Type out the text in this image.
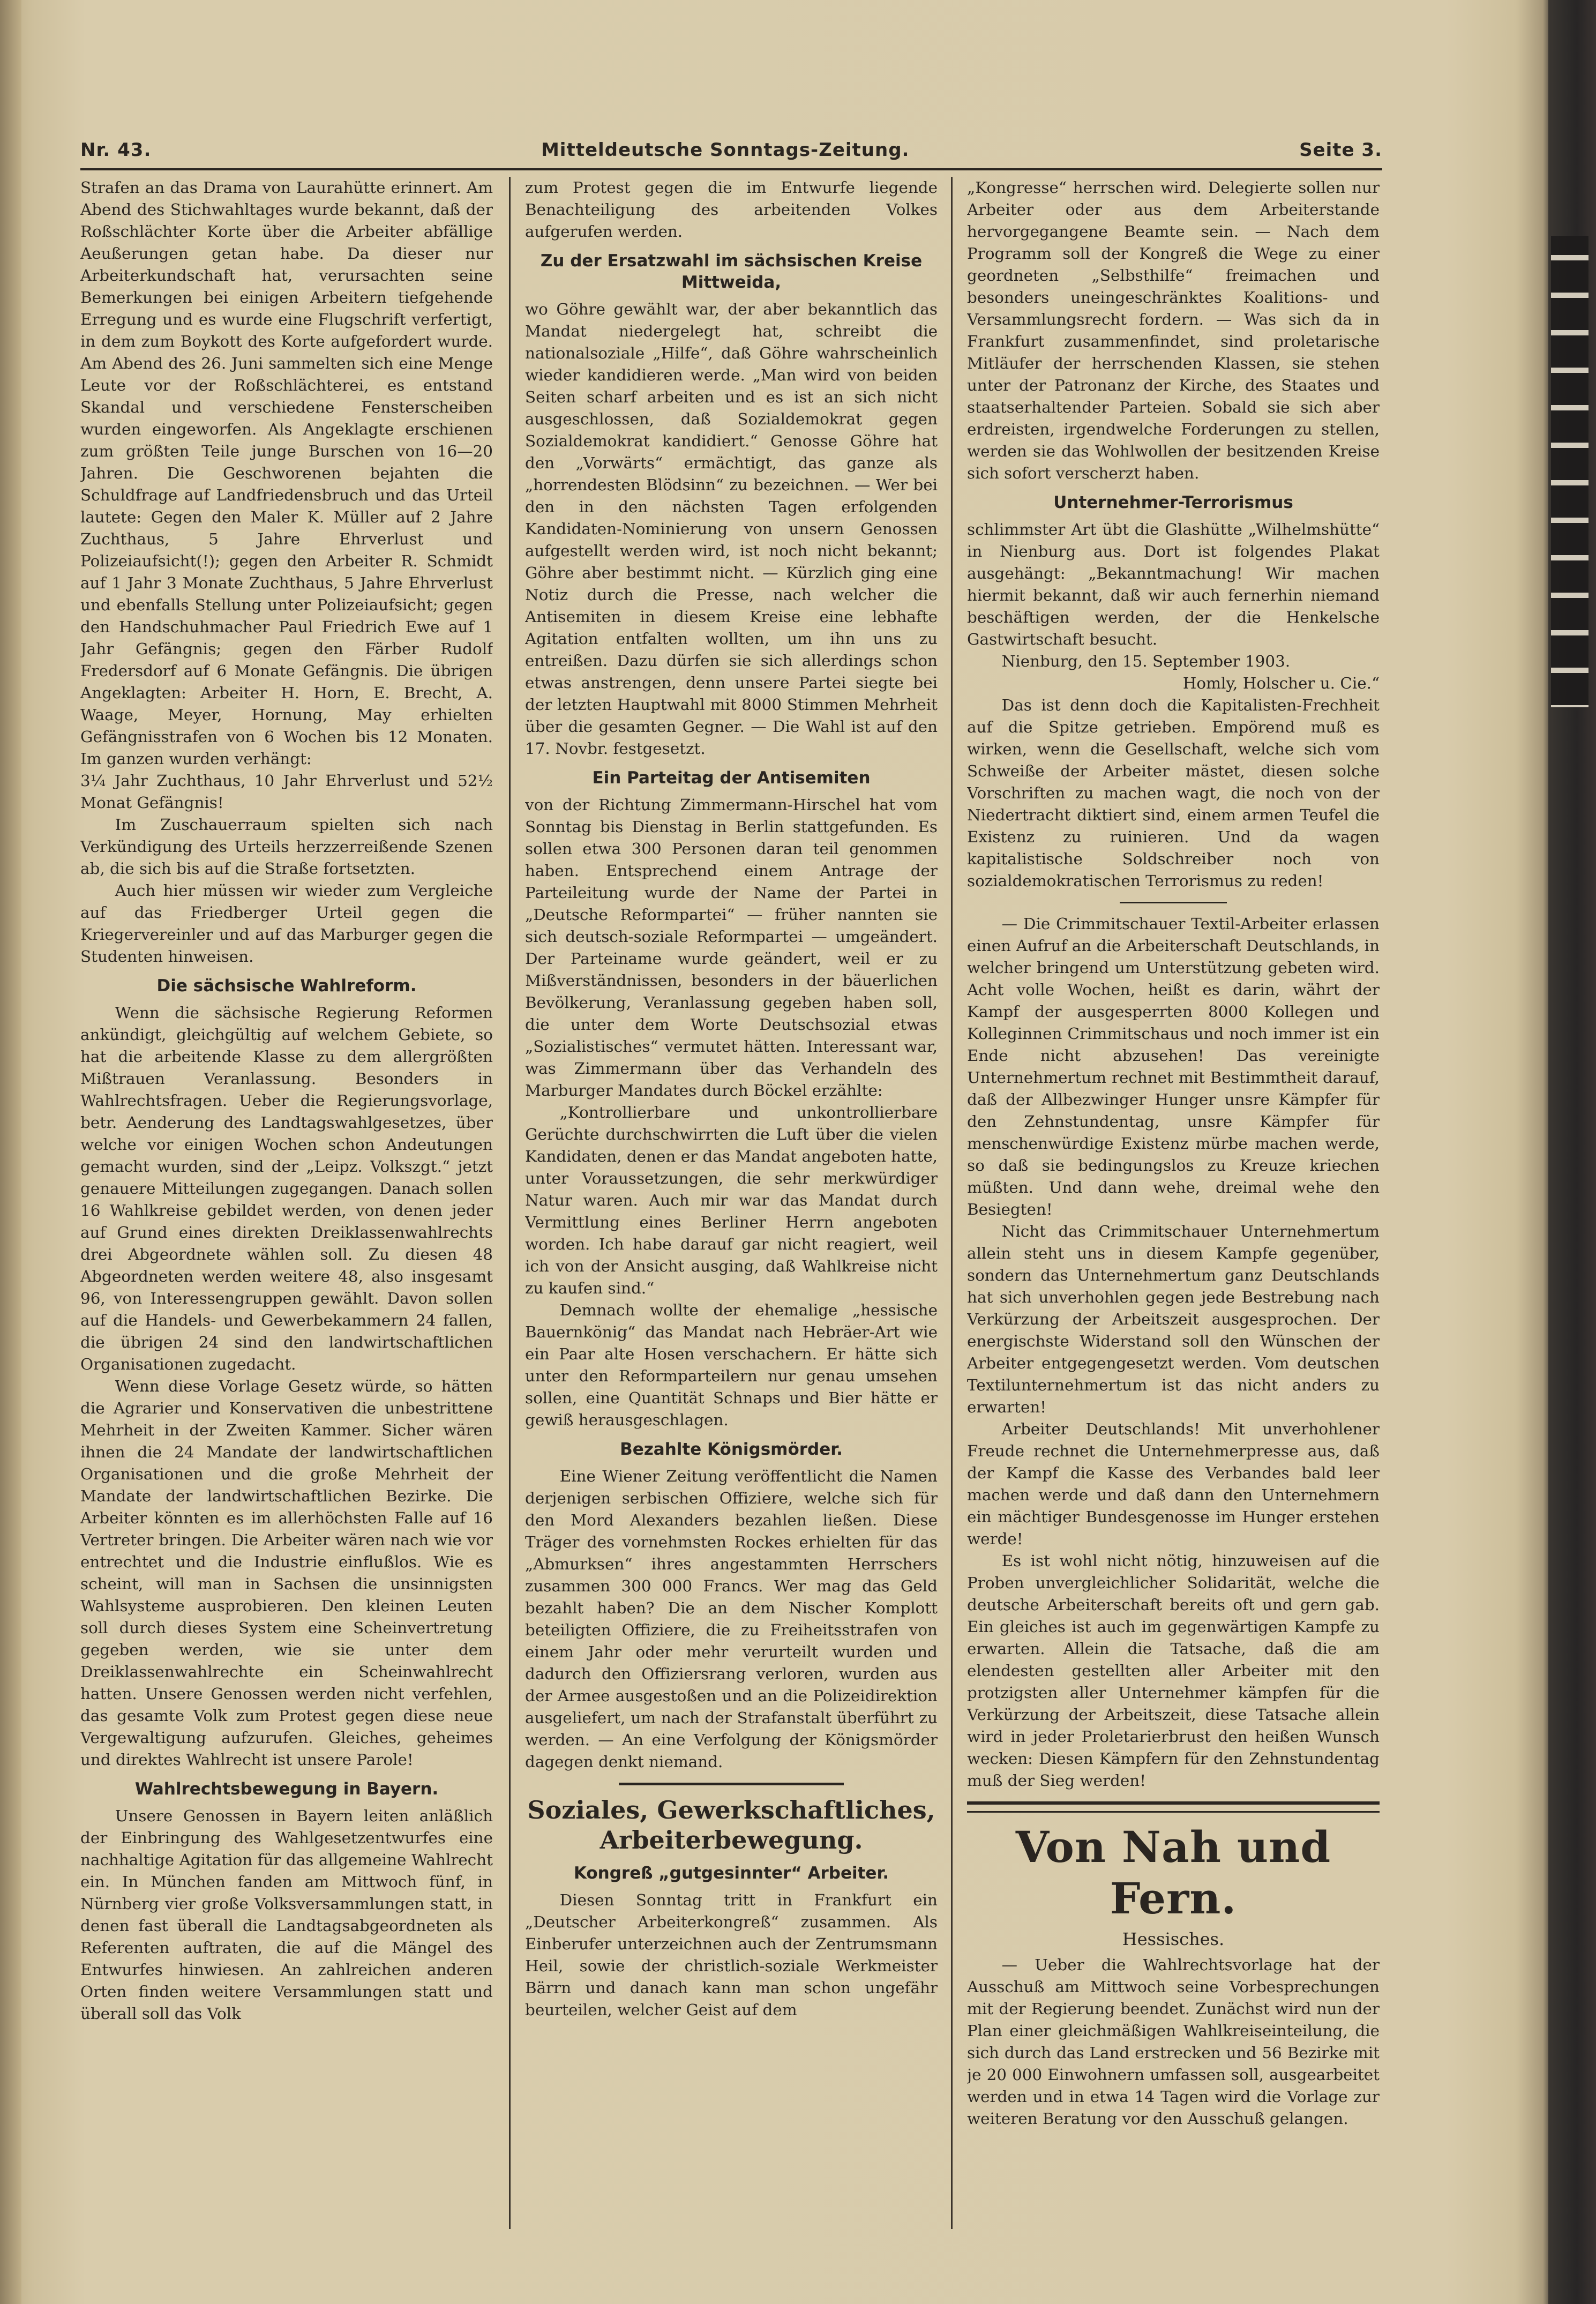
Nr. 43.	Mitteldeutsche Sonntags-Zeitung.	Seite 3.

Strafen an das Drama von Laurahütte erinnert. Am Abend des Stichwahltages wurde bekannt, daß der Roßschlächter Korte über die Arbeiter abfällige Aeußerungen getan habe. Da dieser nur Arbeiterkundschaft hat, verursachten seine Bemerkungen bei einigen Arbeitern tiefgehende Erregung und es wurde eine Flugschrift verfertigt, in dem zum Boykott des Korte aufgefordert wurde. Am Abend des 26. Juni sammelten sich eine Menge Leute vor der Roßschlächterei, es entstand Skandal und verschiedene Fensterscheiben wurden eingeworfen. Als Angeklagte erschienen zum größten Teile junge Burschen von 16—20 Jahren. Die Geschworenen bejahten die Schuldfrage auf Landfriedensbruch und das Urteil lautete: Gegen den Maler K. Müller auf 2 Jahre Zuchthaus, 5 Jahre Ehrverlust und Polizeiaufsicht(!); gegen den Arbeiter R. Schmidt auf 1 Jahr 3 Monate Zuchthaus, 5 Jahre Ehrverlust und ebenfalls Stellung unter Polizeiaufsicht; gegen den Handschuhmacher Paul Friedrich Ewe auf 1 Jahr Gefängnis; gegen den Färber Rudolf Fredersdorf auf 6 Monate Gefängnis. Die übrigen Angeklagten: Arbeiter H. Horn, E. Brecht, A. Waage, Meyer, Hornung, May erhielten Gefängnisstrafen von 6 Wochen bis 12 Monaten. Im ganzen wurden verhängt:

3¼ Jahr Zuchthaus, 10 Jahr Ehrverlust und 52½ Monat Gefängnis!

Im Zuschauerraum spielten sich nach Verkündigung des Urteils herzzerreißende Szenen ab, die sich bis auf die Straße fortsetzten.

Auch hier müssen wir wieder zum Vergleiche auf das Friedberger Urteil gegen die Kriegervereinler und auf das Marburger gegen die Studenten hinweisen.

Die sächsische Wahlreform.

Wenn die sächsische Regierung Reformen ankündigt, gleichgültig auf welchem Gebiete, so hat die arbeitende Klasse zu dem allergrößten Mißtrauen Veranlassung. Besonders in Wahlrechtsfragen. Ueber die Regierungsvorlage, betr. Aenderung des Landtagswahlgesetzes, über welche vor einigen Wochen schon Andeutungen gemacht wurden, sind der „Leipz. Volkszgt.“ jetzt genauere Mitteilungen zugegangen. Danach sollen 16 Wahlkreise gebildet werden, von denen jeder auf Grund eines direkten Dreiklassenwahlrechts drei Abgeordnete wählen soll. Zu diesen 48 Abgeordneten werden weitere 48, also insgesamt 96, von Interessengruppen gewählt. Davon sollen auf die Handels- und Gewerbekammern 24 fallen, die übrigen 24 sind den landwirtschaftlichen Organisationen zugedacht.

Wenn diese Vorlage Gesetz würde, so hätten die Agrarier und Konservativen die unbestrittene Mehrheit in der Zweiten Kammer. Sicher wären ihnen die 24 Mandate der landwirtschaftlichen Organisationen und die große Mehrheit der Mandate der landwirtschaftlichen Bezirke. Die Arbeiter könnten es im allerhöchsten Falle auf 16 Vertreter bringen. Die Arbeiter wären nach wie vor entrechtet und die Industrie einflußlos. Wie es scheint, will man in Sachsen die unsinnigsten Wahlsysteme ausprobieren. Den kleinen Leuten soll durch dieses System eine Scheinvertretung gegeben werden, wie sie unter dem Dreiklassenwahlrechte ein Scheinwahlrecht hatten. Unsere Genossen werden nicht verfehlen, das gesamte Volk zum Protest gegen diese neue Vergewaltigung aufzurufen. Gleiches, geheimes und direktes Wahlrecht ist unsere Parole!

Wahlrechtsbewegung in Bayern.

Unsere Genossen in Bayern leiten anläßlich der Einbringung des Wahlgesetzentwurfes eine nachhaltige Agitation für das allgemeine Wahlrecht ein. In München fanden am Mittwoch fünf, in Nürnberg vier große Volksversammlungen statt, in denen fast überall die Landtagsabgeordneten als Referenten auftraten, die auf die Mängel des Entwurfes hinwiesen. An zahlreichen anderen Orten finden weitere Versammlungen statt und überall soll das Volk

zum Protest gegen die im Entwurfe liegende Benachteiligung des arbeitenden Volkes aufgerufen werden.

Zu der Ersatzwahl im sächsischen Kreise Mittweida,

wo Göhre gewählt war, der aber bekanntlich das Mandat niedergelegt hat, schreibt die nationalsoziale „Hilfe“, daß Göhre wahrscheinlich wieder kandidieren werde. „Man wird von beiden Seiten scharf arbeiten und es ist an sich nicht ausgeschlossen, daß Sozialdemokrat gegen Sozialdemokrat kandidiert.“ Genosse Göhre hat den „Vorwärts“ ermächtigt, das ganze als „horrendesten Blödsinn“ zu bezeichnen. — Wer bei den in den nächsten Tagen erfolgenden Kandidaten-Nominierung von unsern Genossen aufgestellt werden wird, ist noch nicht bekannt; Göhre aber bestimmt nicht. — Kürzlich ging eine Notiz durch die Presse, nach welcher die Antisemiten in diesem Kreise eine lebhafte Agitation entfalten wollten, um ihn uns zu entreißen. Dazu dürfen sie sich allerdings schon etwas anstrengen, denn unsere Partei siegte bei der letzten Hauptwahl mit 8000 Stimmen Mehrheit über die gesamten Gegner. — Die Wahl ist auf den 17. Novbr. festgesetzt.

Ein Parteitag der Antisemiten

von der Richtung Zimmermann-Hirschel hat vom Sonntag bis Dienstag in Berlin stattgefunden. Es sollen etwa 300 Personen daran teil genommen haben. Entsprechend einem Antrage der Parteileitung wurde der Name der Partei in „Deutsche Reformpartei“ — früher nannten sie sich deutsch-soziale Reformpartei — umgeändert. Der Parteiname wurde geändert, weil er zu Mißverständnissen, besonders in der bäuerlichen Bevölkerung, Veranlassung gegeben haben soll, die unter dem Worte Deutschsozial etwas „Sozialistisches“ vermutet hätten. Interessant war, was Zimmermann über das Verhandeln des Marburger Mandates durch Böckel erzählte:

„Kontrollierbare und unkontrollierbare Gerüchte durchschwirrten die Luft über die vielen Kandidaten, denen er das Mandat angeboten hatte, unter Voraussetzungen, die sehr merkwürdiger Natur waren. Auch mir war das Mandat durch Vermittlung eines Berliner Herrn angeboten worden. Ich habe darauf gar nicht reagiert, weil ich von der Ansicht ausging, daß Wahlkreise nicht zu kaufen sind.“

Demnach wollte der ehemalige „hessische Bauernkönig“ das Mandat nach Hebräer-Art wie ein Paar alte Hosen verschachern. Er hätte sich unter den Reformparteilern nur genau umsehen sollen, eine Quantität Schnaps und Bier hätte er gewiß herausgeschlagen.

Bezahlte Königsmörder.

Eine Wiener Zeitung veröffentlicht die Namen derjenigen serbischen Offiziere, welche sich für den Mord Alexanders bezahlen ließen. Diese Träger des vornehmsten Rockes erhielten für das „Abmurksen“ ihres angestammten Herrschers zusammen 300 000 Francs. Wer mag das Geld bezahlt haben? Die an dem Nischer Komplott beteiligten Offiziere, die zu Freiheitsstrafen von einem Jahr oder mehr verurteilt wurden und dadurch den Offiziersrang verloren, wurden aus der Armee ausgestoßen und an die Polizeidirektion ausgeliefert, um nach der Strafanstalt überführt zu werden. — An eine Verfolgung der Königsmörder dagegen denkt niemand.

Soziales, Gewerkschaftliches, Arbeiterbewegung.
Kongreß „gutgesinnter“ Arbeiter.

Diesen Sonntag tritt in Frankfurt ein „Deutscher Arbeiterkongreß“ zusammen. Als Einberufer unterzeichnen auch der Zentrumsmann Heil, sowie der christlich-soziale Werkmeister Bärrn und danach kann man schon ungefähr beurteilen, welcher Geist auf dem

„Kongresse“ herrschen wird. Delegierte sollen nur Arbeiter oder aus dem Arbeiterstande hervorgegangene Beamte sein. — Nach dem Programm soll der Kongreß die Wege zu einer geordneten „Selbsthilfe“ freimachen und besonders uneingeschränktes Koalitions- und Versammlungsrecht fordern. — Was sich da in Frankfurt zusammenfindet, sind proletarische Mitläufer der herrschenden Klassen, sie stehen unter der Patronanz der Kirche, des Staates und staatserhaltender Parteien. Sobald sie sich aber erdreisten, irgendwelche Forderungen zu stellen, werden sie das Wohlwollen der besitzenden Kreise sich sofort verscherzt haben.

Unternehmer-Terrorismus

schlimmster Art übt die Glashütte „Wilhelmshütte“ in Nienburg aus. Dort ist folgendes Plakat ausgehängt: „Bekanntmachung! Wir machen hiermit bekannt, daß wir auch fernerhin niemand beschäftigen werden, der die Henkelsche Gastwirtschaft besucht.

Nienburg, den 15. September 1903.

Homly, Holscher u. Cie.“

Das ist denn doch die Kapitalisten-Frechheit auf die Spitze getrieben. Empörend muß es wirken, wenn die Gesellschaft, welche sich vom Schweiße der Arbeiter mästet, diesen solche Vorschriften zu machen wagt, die noch von der Niedertracht diktiert sind, einem armen Teufel die Existenz zu ruinieren. Und da wagen kapitalistische Soldschreiber noch von sozialdemokratischen Terrorismus zu reden!

— Die Crimmitschauer Textil-Arbeiter erlassen einen Aufruf an die Arbeiterschaft Deutschlands, in welcher bringend um Unterstützung gebeten wird. Acht volle Wochen, heißt es darin, währt der Kampf der ausgesperrten 8000 Kollegen und Kolleginnen Crimmitschaus und noch immer ist ein Ende nicht abzusehen! Das vereinigte Unternehmertum rechnet mit Bestimmtheit darauf, daß der Allbezwinger Hunger unsre Kämpfer für den Zehnstundentag, unsre Kämpfer für menschenwürdige Existenz mürbe machen werde, so daß sie bedingungslos zu Kreuze kriechen müßten. Und dann wehe, dreimal wehe den Besiegten!

Nicht das Crimmitschauer Unternehmertum allein steht uns in diesem Kampfe gegenüber, sondern das Unternehmertum ganz Deutschlands hat sich unverhohlen gegen jede Bestrebung nach Verkürzung der Arbeitszeit ausgesprochen. Der energischste Widerstand soll den Wünschen der Arbeiter entgegengesetzt werden. Vom deutschen Textilunternehmertum ist das nicht anders zu erwarten!

Arbeiter Deutschlands! Mit unverhohlener Freude rechnet die Unternehmerpresse aus, daß der Kampf die Kasse des Verbandes bald leer machen werde und daß dann den Unternehmern ein mächtiger Bundesgenosse im Hunger erstehen werde!

Es ist wohl nicht nötig, hinzuweisen auf die Proben unvergleichlicher Solidarität, welche die deutsche Arbeiterschaft bereits oft und gern gab. Ein gleiches ist auch im gegenwärtigen Kampfe zu erwarten. Allein die Tatsache, daß die am elendesten gestellten aller Arbeiter mit den protzigsten aller Unternehmer kämpfen für die Verkürzung der Arbeitszeit, diese Tatsache allein wird in jeder Proletarierbrust den heißen Wunsch wecken: Diesen Kämpfern für den Zehnstundentag muß der Sieg werden!

Von Nah und Fern.
Hessisches.

— Ueber die Wahlrechtsvorlage hat der Ausschuß am Mittwoch seine Vorbesprechungen mit der Regierung beendet. Zunächst wird nun der Plan einer gleichmäßigen Wahlkreiseinteilung, die sich durch das Land erstrecken und 56 Bezirke mit je 20 000 Einwohnern umfassen soll, ausgearbeitet werden und in etwa 14 Tagen wird die Vorlage zur weiteren Beratung vor den Ausschuß gelangen.
